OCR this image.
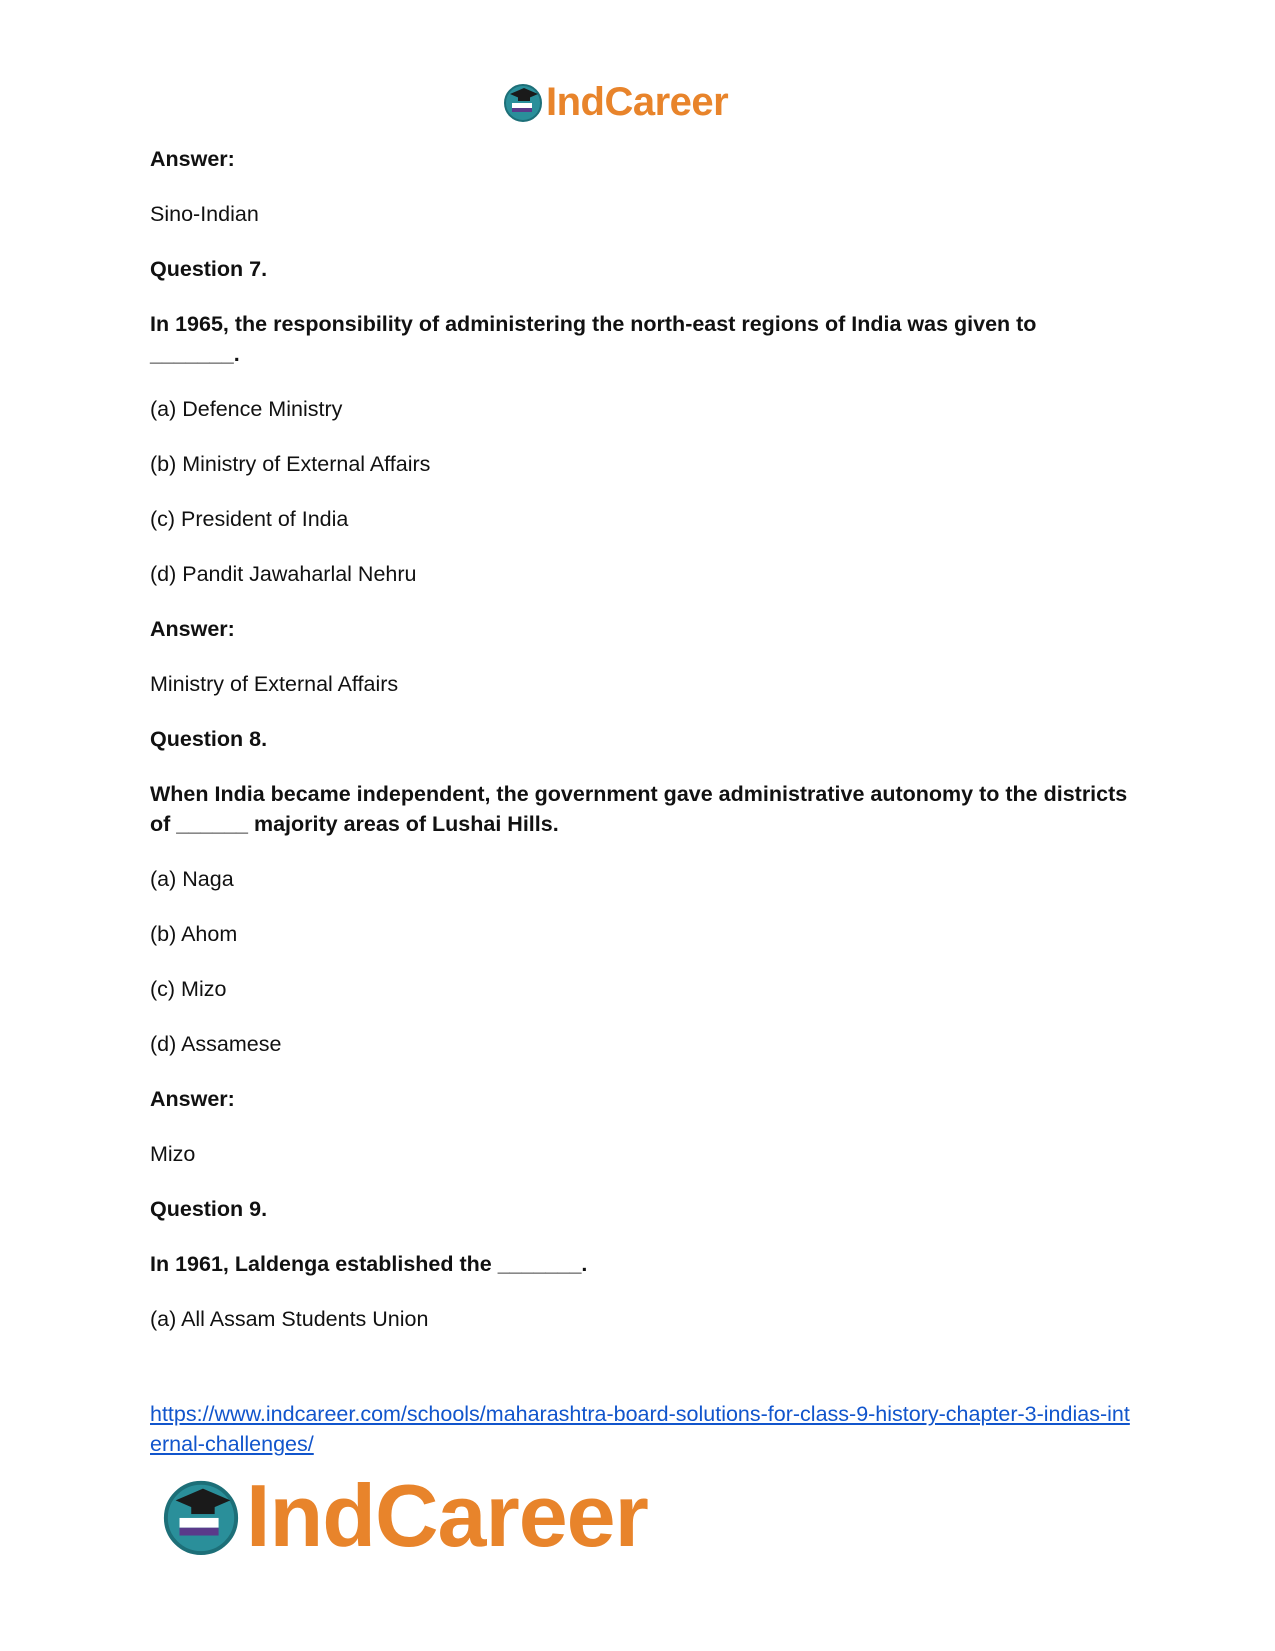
IndCareer

Answer:

Sino-Indian

Question 7.

In 1965, the responsibility of administering the north-east regions of India was given to _______.

(a) Defence Ministry

(b) Ministry of External Affairs

(c) President of India

(d) Pandit Jawaharlal Nehru

Answer:

Ministry of External Affairs

Question 8.

When India became independent, the government gave administrative autonomy to the districts of ______ majority areas of Lushai Hills.

(a) Naga

(b) Ahom

(c) Mizo

(d) Assamese

Answer:

Mizo

Question 9.

In 1961, Laldenga established the _______.

(a) All Assam Students Union

https://www.indcareer.com/schools/maharashtra-board-solutions-for-class-9-history-chapter-3-indias-internal-challenges/
IndCareer
